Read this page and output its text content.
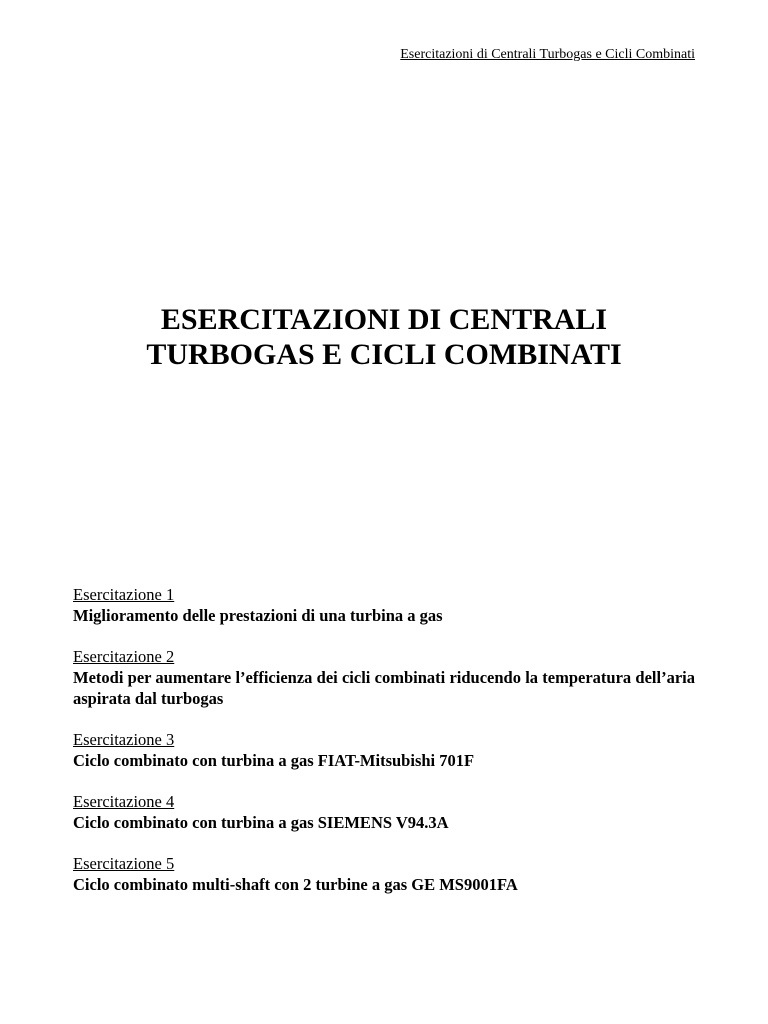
Esercitazioni di Centrali Turbogas e Cicli Combinati
ESERCITAZIONI DI CENTRALI
TURBOGAS E CICLI COMBINATI
Esercitazione 1
Miglioramento delle prestazioni di una turbina a gas
Esercitazione 2
Metodi per aumentare l’efficienza dei cicli combinati riducendo la temperatura dell’aria aspirata dal turbogas
Esercitazione 3
Ciclo combinato con turbina a gas FIAT-Mitsubishi 701F
Esercitazione 4
Ciclo combinato con turbina a gas SIEMENS V94.3A
Esercitazione 5
Ciclo combinato multi-shaft con 2 turbine a gas GE MS9001FA
